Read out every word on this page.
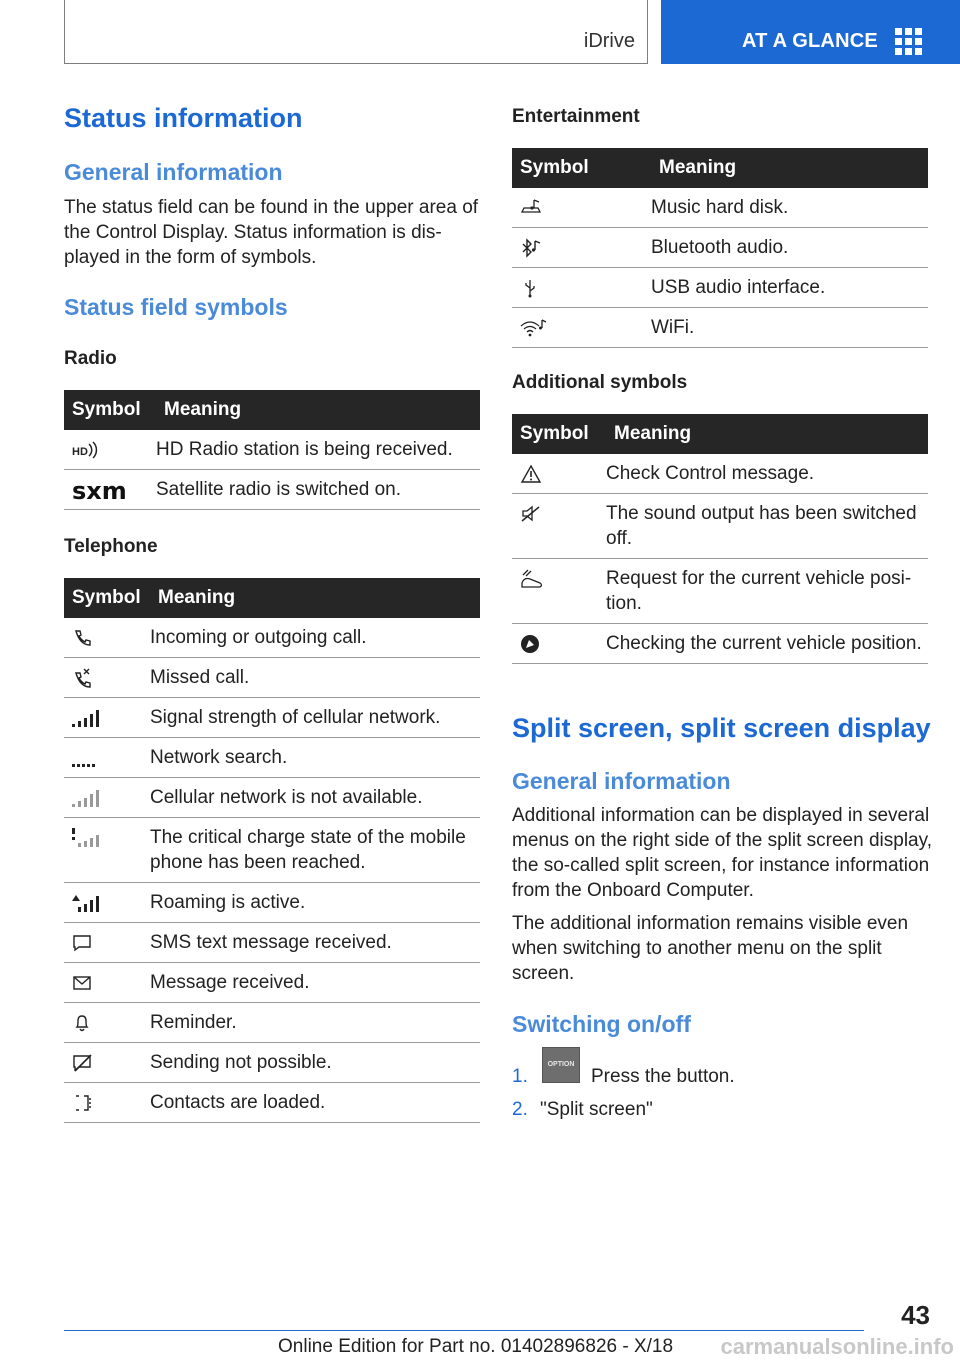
iDrive	AT A GLANCE
Status information
General information
The status field can be found in the upper area of the Control Display. Status information is displayed in the form of symbols.
Status field symbols
Radio
Symbol	Meaning

HD	HD Radio station is being received.

sxm	Satellite radio is switched on.
Telephone
Symbol	Meaning

	Incoming or outgoing call.

	Missed call.

	Signal strength of cellular network.

	Network search.

	Cellular network is not available.

	The critical charge state of the mobile phone has been reached.

	Roaming is active.

	SMS text message received.

	Message received.

	Reminder.

	Sending not possible.

	Contacts are loaded.
Entertainment
Symbol	Meaning

	Music hard disk.

	Bluetooth audio.

	USB audio interface.

	WiFi.
Additional symbols
Symbol	Meaning

	Check Control message.

	The sound output has been switched off.

	Request for the current vehicle position.

	Checking the current vehicle position.
Split screen, split screen display
General information
Additional information can be displayed in several menus on the right side of the split screen display, the so-called split screen, for instance information from the Onboard Computer.
The additional information remains visible even when switching to another menu on the split screen.
Switching on/off
1.
OPTION
Press the button.
2. "Split screen"
43
Online Edition for Part no. 01402896826 - X/18 carmanualsonline.info
